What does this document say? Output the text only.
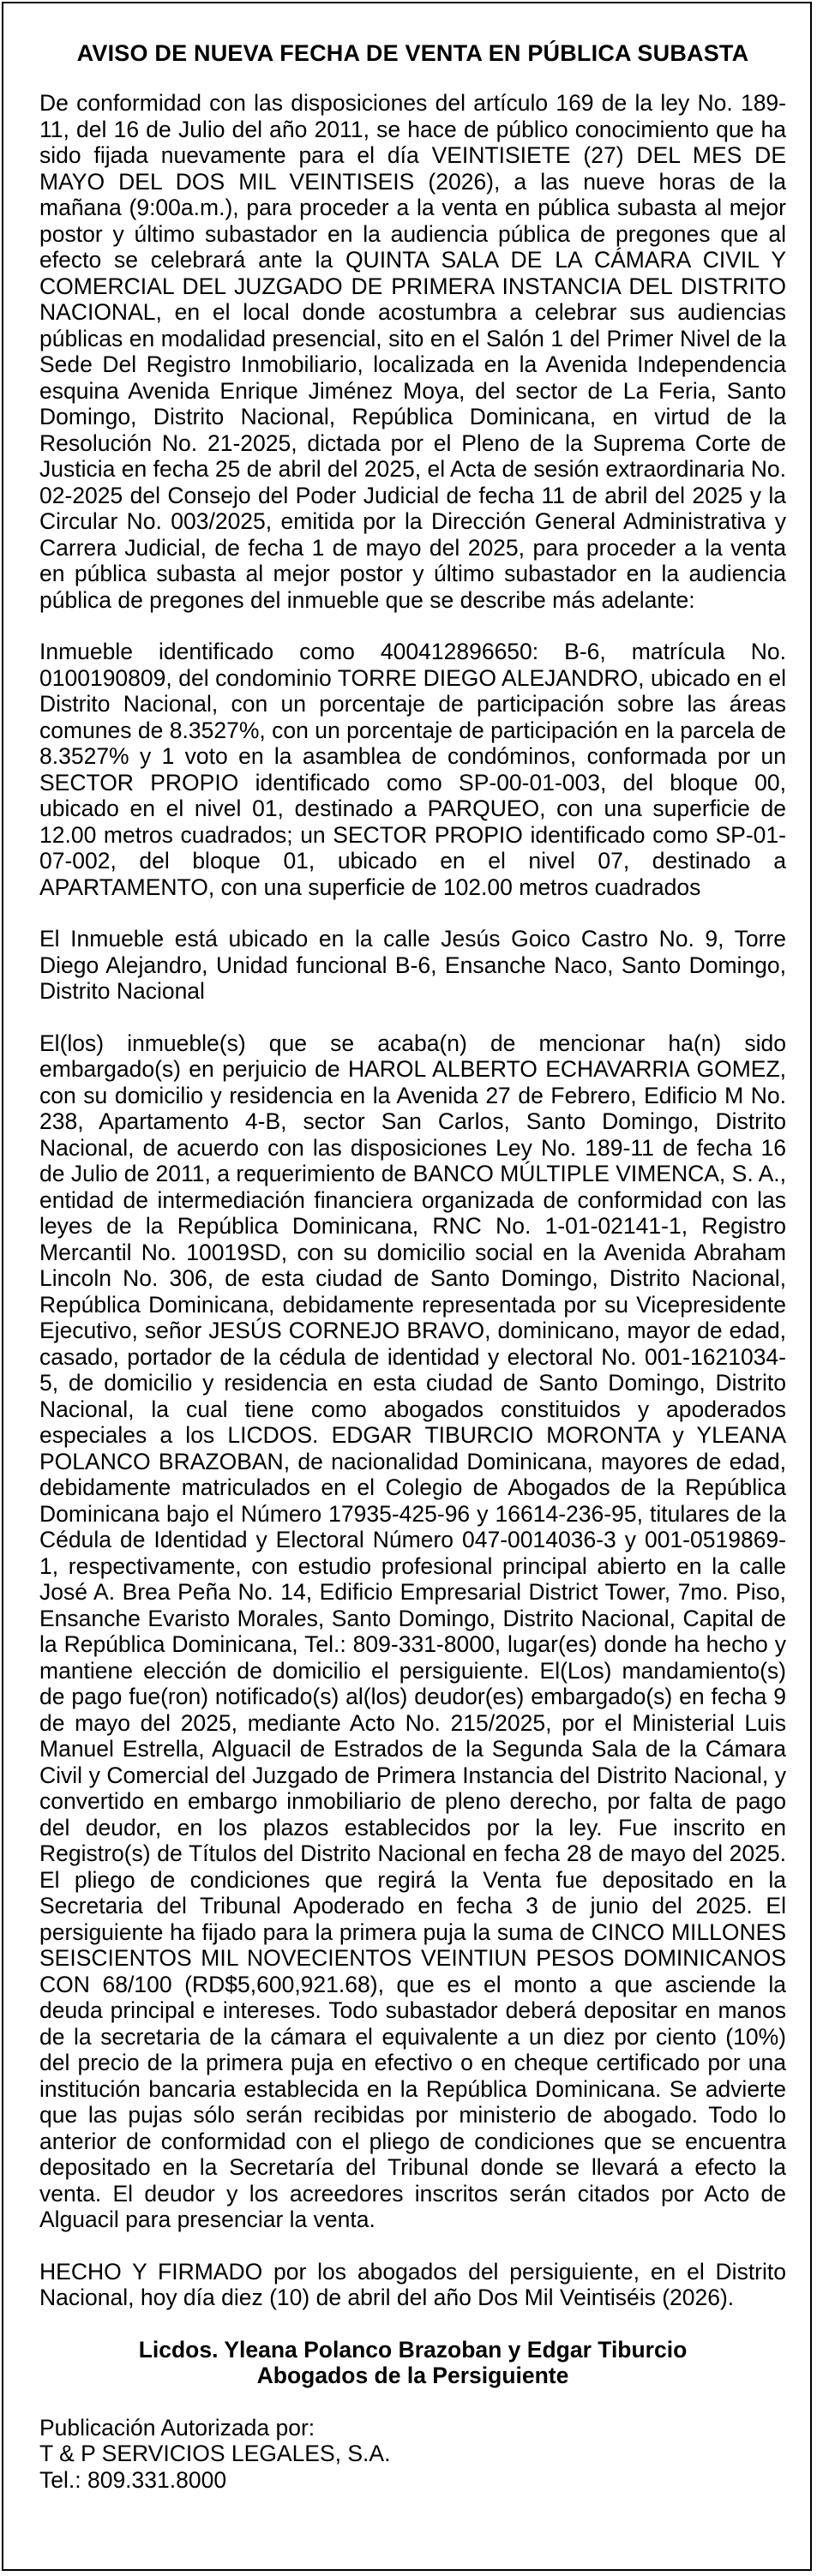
AVISO DE NUEVA FECHA DE VENTA EN PÚBLICA SUBASTA

De conformidad con las disposiciones del artículo 169 de la ley No. 189-11, del 16 de Julio del año 2011, se hace de público conocimiento que ha sido fijada nuevamente para el día VEINTISIETE (27) DEL MES DE MAYO DEL DOS MIL VEINTISEIS (2026), a las nueve horas de la mañana (9:00a.m.), para proceder a la venta en pública subasta al mejor postor y último subastador en la audiencia pública de pregones que al efecto se celebrará ante la QUINTA SALA DE LA CÁMARA CIVIL Y COMERCIAL DEL JUZGADO DE PRIMERA INSTANCIA DEL DISTRITO NACIONAL, en el local donde acostumbra a celebrar sus audiencias públicas en modalidad presencial, sito en el Salón 1 del Primer Nivel de la Sede Del Registro Inmobiliario, localizada en la Avenida Independencia esquina Avenida Enrique Jiménez Moya, del sector de La Feria, Santo Domingo, Distrito Nacional, República Dominicana, en virtud de la Resolución No. 21-2025, dictada por el Pleno de la Suprema Corte de Justicia en fecha 25 de abril del 2025, el Acta de sesión extraordinaria No. 02-2025 del Consejo del Poder Judicial de fecha 11 de abril del 2025 y la Circular No. 003/2025, emitida por la Dirección General Administrativa y Carrera Judicial, de fecha 1 de mayo del 2025, para proceder a la venta en pública subasta al mejor postor y último subastador en la audiencia pública de pregones del inmueble que se describe más adelante:

Inmueble identificado como 400412896650: B-6, matrícula No. 0100190809, del condominio TORRE DIEGO ALEJANDRO, ubicado en el Distrito Nacional, con un porcentaje de participación sobre las áreas comunes de 8.3527%, con un porcentaje de participación en la parcela de 8.3527% y 1 voto en la asamblea de condóminos, conformada por un SECTOR PROPIO identificado como SP-00-01-003, del bloque 00, ubicado en el nivel 01, destinado a PARQUEO, con una superficie de 12.00 metros cuadrados; un SECTOR PROPIO identificado como SP-01-07-002, del bloque 01, ubicado en el nivel 07, destinado a APARTAMENTO, con una superficie de 102.00 metros cuadrados

El Inmueble está ubicado en la calle Jesús Goico Castro No. 9, Torre Diego Alejandro, Unidad funcional B-6, Ensanche Naco, Santo Domingo, Distrito Nacional

El(los) inmueble(s) que se acaba(n) de mencionar ha(n) sido embargado(s) en perjuicio de HAROL ALBERTO ECHAVARRIA GOMEZ, con su domicilio y residencia en la Avenida 27 de Febrero, Edificio M No. 238, Apartamento 4-B, sector San Carlos, Santo Domingo, Distrito Nacional, de acuerdo con las disposiciones Ley No. 189-11 de fecha 16 de Julio de 2011, a requerimiento de BANCO MÚLTIPLE VIMENCA, S. A., entidad de intermediación financiera organizada de conformidad con las leyes de la República Dominicana, RNC No. 1-01-02141-1, Registro Mercantil No. 10019SD, con su domicilio social en la Avenida Abraham Lincoln No. 306, de esta ciudad de Santo Domingo, Distrito Nacional, República Dominicana, debidamente representada por su Vicepresidente Ejecutivo, señor JESÚS CORNEJO BRAVO, dominicano, mayor de edad, casado, portador de la cédula de identidad y electoral No. 001-1621034-5, de domicilio y residencia en esta ciudad de Santo Domingo, Distrito Nacional, la cual tiene como abogados constituidos y apoderados especiales a los LICDOS. EDGAR TIBURCIO MORONTA y YLEANA POLANCO BRAZOBAN, de nacionalidad Dominicana, mayores de edad, debidamente matriculados en el Colegio de Abogados de la República Dominicana bajo el Número 17935-425-96 y 16614-236-95, titulares de la Cédula de Identidad y Electoral Número 047-0014036-3 y 001-0519869-1, respectivamente, con estudio profesional principal abierto en la calle José A. Brea Peña No. 14, Edificio Empresarial District Tower, 7mo. Piso, Ensanche Evaristo Morales, Santo Domingo, Distrito Nacional, Capital de la República Dominicana, Tel.: 809-331-8000, lugar(es) donde ha hecho y mantiene elección de domicilio el persiguiente. El(Los) mandamiento(s) de pago fue(ron) notificado(s) al(los) deudor(es) embargado(s) en fecha 9 de mayo del 2025, mediante Acto No. 215/2025, por el Ministerial Luis Manuel Estrella, Alguacil de Estrados de la Segunda Sala de la Cámara Civil y Comercial del Juzgado de Primera Instancia del Distrito Nacional, y convertido en embargo inmobiliario de pleno derecho, por falta de pago del deudor, en los plazos establecidos por la ley. Fue inscrito en Registro(s) de Títulos del Distrito Nacional en fecha 28 de mayo del 2025. El pliego de condiciones que regirá la Venta fue depositado en la Secretaria del Tribunal Apoderado en fecha 3 de junio del 2025. El persiguiente ha fijado para la primera puja la suma de CINCO MILLONES SEISCIENTOS MIL NOVECIENTOS VEINTIUN PESOS DOMINICANOS CON 68/100 (RD$5,600,921.68), que es el monto a que asciende la deuda principal e intereses. Todo subastador deberá depositar en manos de la secretaria de la cámara el equivalente a un diez por ciento (10%) del precio de la primera puja en efectivo o en cheque certificado por una institución bancaria establecida en la República Dominicana. Se advierte que las pujas sólo serán recibidas por ministerio de abogado. Todo lo anterior de conformidad con el pliego de condiciones que se encuentra depositado en la Secretaría del Tribunal donde se llevará a efecto la venta. El deudor y los acreedores inscritos serán citados por Acto de Alguacil para presenciar la venta.

HECHO Y FIRMADO por los abogados del persiguiente, en el Distrito Nacional, hoy día diez (10) de abril del año Dos Mil Veintiséis (2026).

Licdos. Yleana Polanco Brazoban y Edgar Tiburcio
Abogados de la Persiguiente
Publicación Autorizada por:
T & P SERVICIOS LEGALES, S.A.
Tel.: 809.331.8000
